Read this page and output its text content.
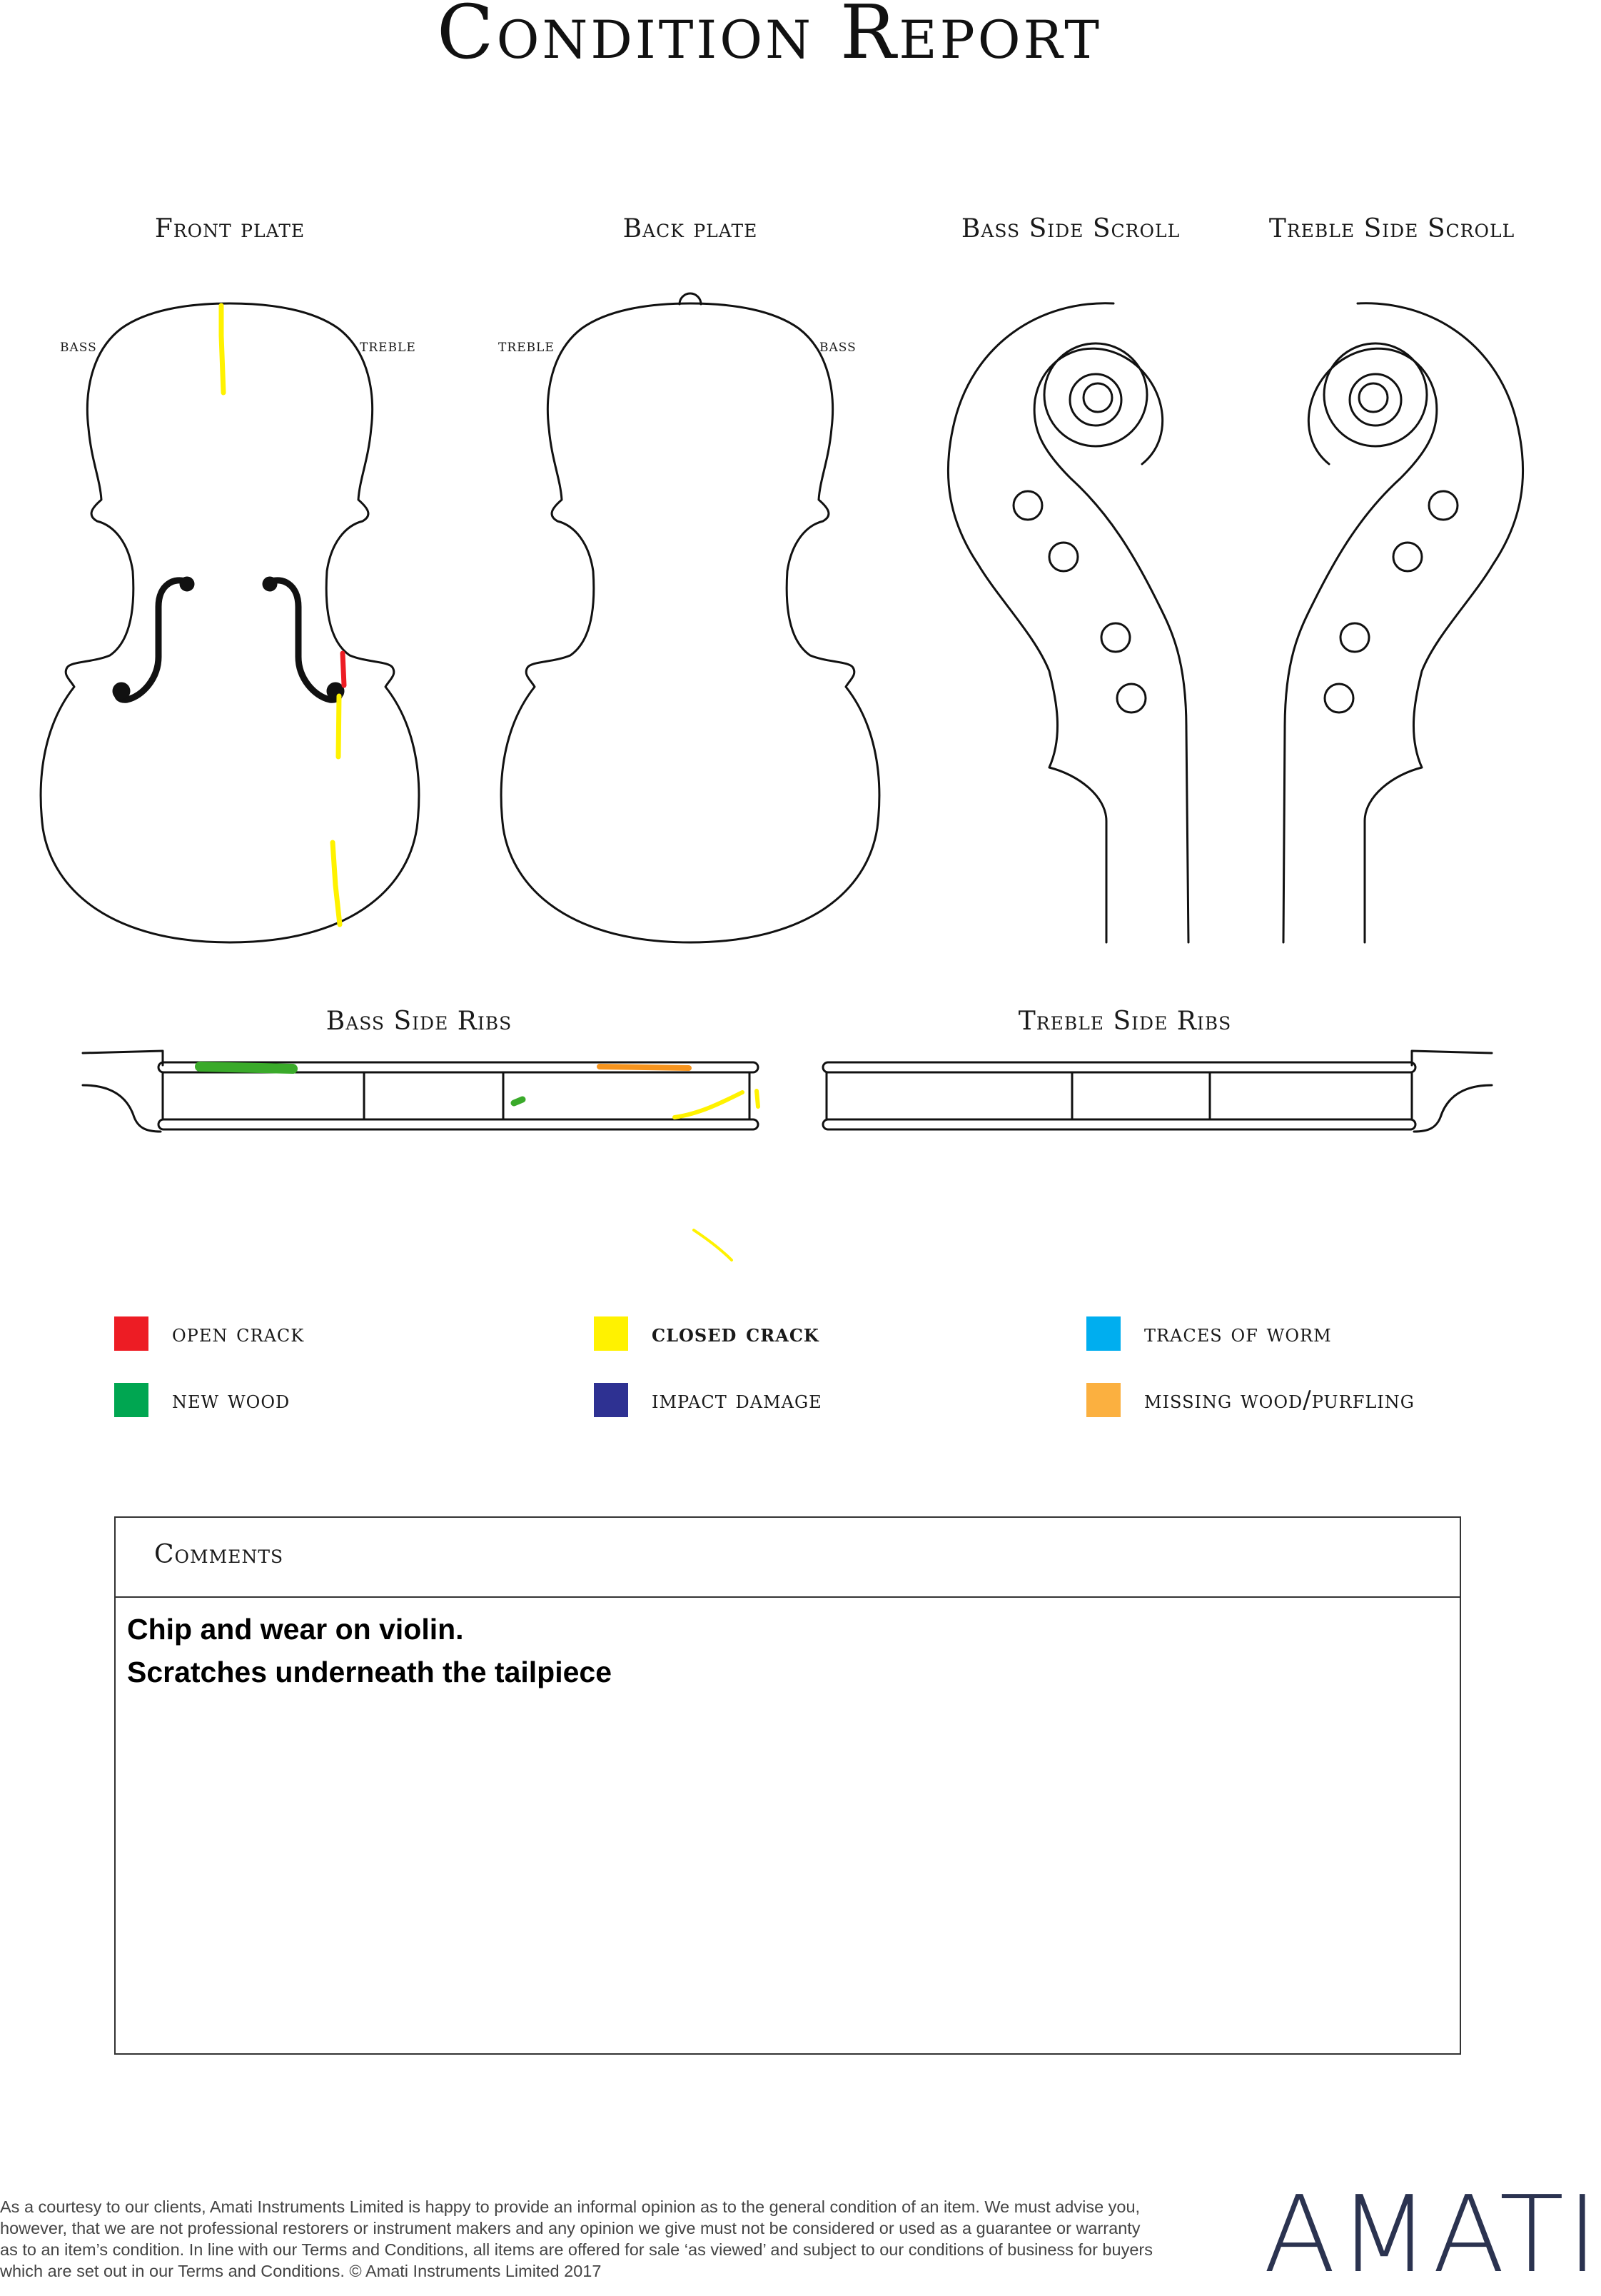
Condition Report
Front plate	Back plate	Bass Side Scroll	Treble Side Scroll
Bass Side Ribs	Treble Side Ribs
bass	treble	treble	bass
open crack	closed crack	traces of worm
new wood	impact damage	missing wood/purfling
Comments
Chip and wear on violin.
Scratches underneath the tailpiece
As a courtesy to our clients, Amati Instruments Limited is happy to provide an informal opinion as to the general condition of an item. We must advise you, however, that we are not professional restorers or instrument makers and any opinion we give must not be considered or used as a guarantee or warranty as to an item’s condition. In line with our Terms and Conditions, all items are offered for sale ‘as viewed’ and subject to our conditions of business for buyers which are set out in our Terms and Conditions. © Amati Instruments Limited 2017	AMATI
